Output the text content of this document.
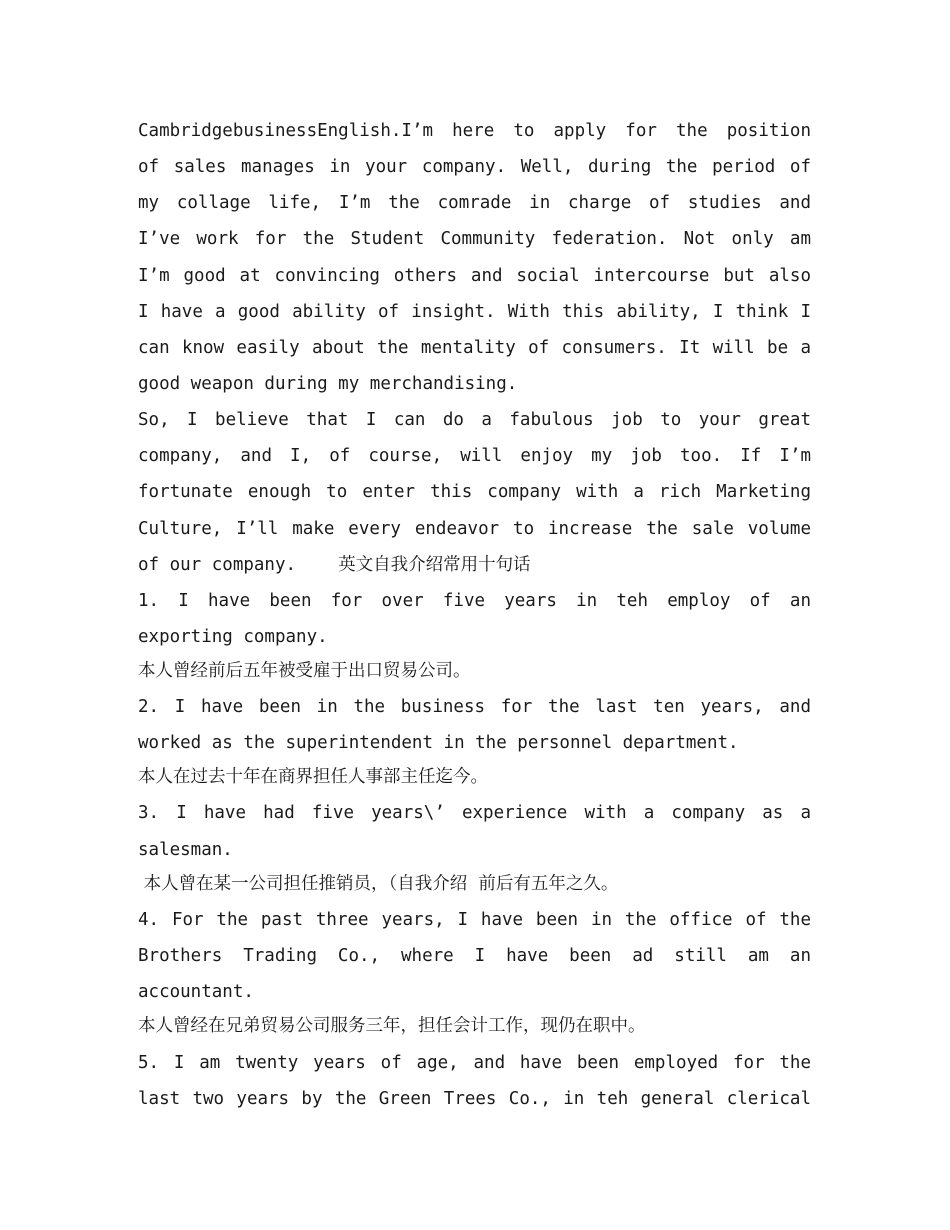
CambridgebusinessEnglish.I’m here to apply for the position
of sales manages in your company. Well, during the period of
my collage life, I’m the comrade in charge of studies and
I’ve work for the Student Community federation. Not only am
I’m good at convincing others and social intercourse but also
I have a good ability of insight. With this ability, I think I
can know easily about the mentality of consumers. It will be a
good weapon during my merchandising.
So, I believe that I can do a fabulous job to your great
company, and I, of course, will enjoy my job too. If I’m
fortunate enough to enter this company with a rich Marketing
Culture, I’ll make every endeavor to increase the sale volume
of our company.    英文自我介绍常用十句话
1. I have been for over five years in teh employ of an
exporting company.
本人曾经前后五年被受雇于出口贸易公司。
2. I have been in the business for the last ten years, and
worked as the superintendent in the personnel department.
本人在过去十年在商界担任人事部主任迄今。
3. I have had five years\’ experience with a company as a
salesman.
本人曾在某一公司担任推销员，（自我介绍  前后有五年之久。
4. For the past three years, I have been in the office of the
Brothers Trading Co., where I have been ad still am an
accountant.
本人曾经在兄弟贸易公司服务三年，担任会计工作，现仍在职中。
5. I am twenty years of age, and have been employed for the
last two years by the Green Trees Co., in teh general clerical
